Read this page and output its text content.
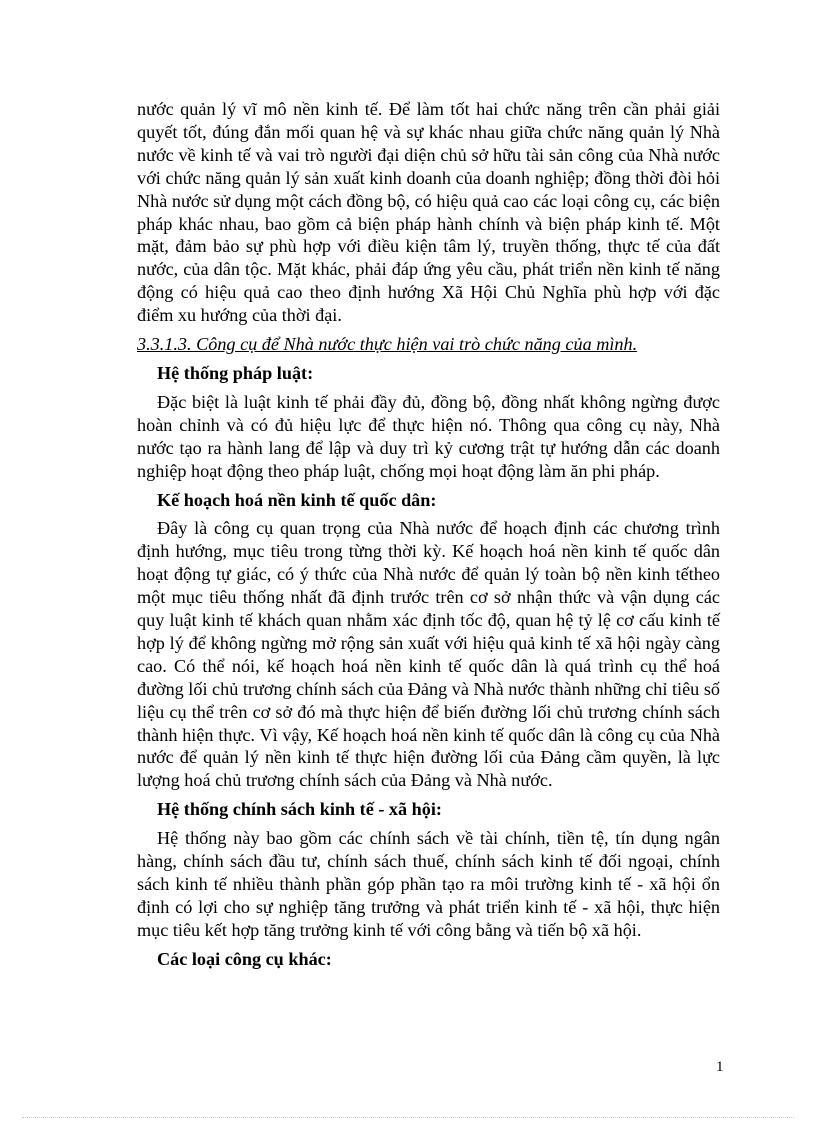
nước quản lý vĩ mô nền kinh tế. Để làm tốt hai chức năng trên cần phải giải quyết tốt, đúng đắn mối quan hệ và sự khác nhau giữa chức năng quản lý Nhà nước về kinh tế và vai trò người đại diện chủ sở hữu tài sản công của Nhà nước với chức năng quản lý sản xuất kinh doanh của doanh nghiệp; đồng thời đòi hỏi Nhà nước sử dụng một cách đồng bộ, có hiệu quả cao các loại công cụ, các biện pháp khác nhau, bao gồm cả biện pháp hành chính và biện pháp kinh tế. Một mặt, đảm bảo sự phù hợp với điều kiện tâm lý, truyền thống, thực tế của đất nước, của dân tộc. Mặt khác, phải đáp ứng yêu cầu, phát triển nền kinh tế năng động có hiệu quả cao theo định hướng Xã Hội Chủ Nghĩa phù hợp với đặc điểm xu hướng của thời đại.

3.3.1.3. Công cụ để Nhà nước thực hiện vai trò chức năng của mình.

Hệ thống pháp luật:

Đặc biệt là luật kinh tế phải đầy đủ, đồng bộ, đồng nhất không ngừng được hoàn chỉnh và có đủ hiệu lực để thực hiện nó. Thông qua công cụ này, Nhà nước tạo ra hành lang để lập và duy trì kỷ cương trật tự hướng dẫn các doanh nghiệp hoạt động theo pháp luật, chống mọi hoạt động làm ăn phi pháp.

Kế hoạch hoá nền kinh tế quốc dân:

Đây là công cụ quan trọng của Nhà nước để hoạch định các chương trình định hướng, mục tiêu trong từng thời kỳ. Kế hoạch hoá nền kinh tế quốc dân hoạt động tự giác, có ý thức của Nhà nước để quản lý toàn bộ nền kinh tếtheo một mục tiêu thống nhất đã định trước trên cơ sở nhận thức và vận dụng các quy luật kinh tế khách quan nhằm xác định tốc độ, quan hệ tỷ lệ cơ cấu kinh tế hợp lý để không ngừng mở rộng sản xuất với hiệu quả kinh tế xã hội ngày càng cao. Có thể nói, kế hoạch hoá nền kinh tế quốc dân là quá trình cụ thể hoá đường lối chủ trương chính sách của Đảng và Nhà nước thành những chỉ tiêu số liệu cụ thể trên cơ sở đó mà thực hiện để biến đường lối chủ trương chính sách thành hiện thực. Vì vậy, Kế hoạch hoá nền kinh tế quốc dân là công cụ của Nhà nước để quản lý nền kinh tế thực hiện đường lối của Đảng cầm quyền, là lực lượng hoá chủ trương chính sách của Đảng và Nhà nước.

Hệ thống chính sách kinh tế - xã hội:

Hệ thống này bao gồm các chính sách về tài chính, tiền tệ, tín dụng ngân hàng, chính sách đầu tư, chính sách thuế, chính sách kinh tế đối ngoại, chính sách kinh tế nhiều thành phần góp phần tạo ra môi trường kinh tế - xã hội ổn định có lợi cho sự nghiệp tăng trưởng và phát triển kinh tế - xã hội, thực hiện mục tiêu kết hợp tăng trưởng kinh tế với công bằng và tiến bộ xã hội.

Các loại công cụ khác:

1
